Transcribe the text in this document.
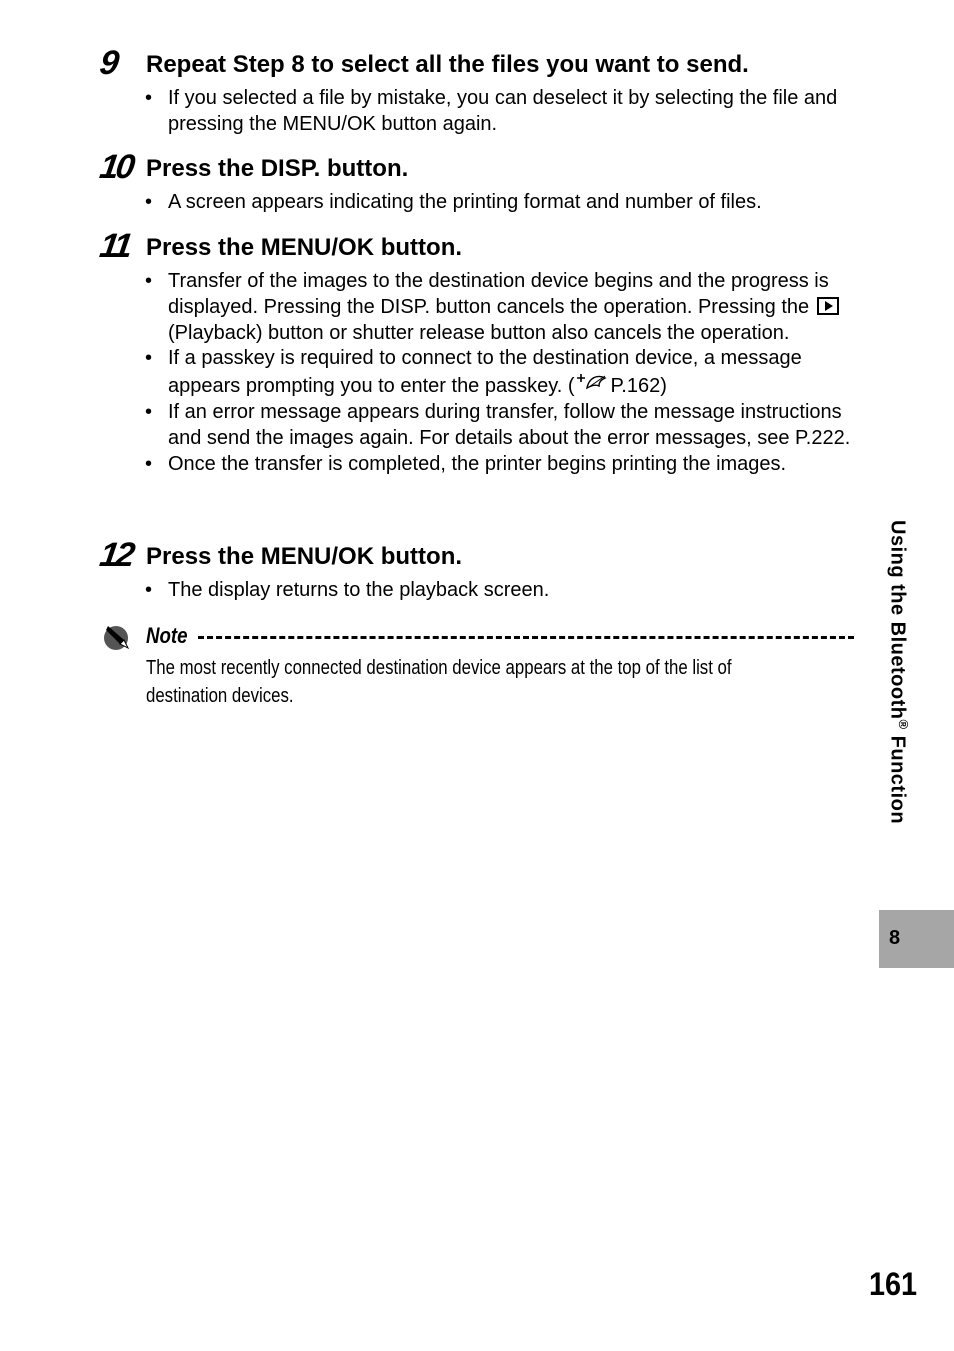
9 Repeat Step 8 to select all the files you want to send.
• If you selected a file by mistake, you can deselect it by selecting the file and pressing the MENU/OK button again.
10 Press the DISP. button.
• A screen appears indicating the printing format and number of files.
11 Press the MENU/OK button.
• Transfer of the images to the destination device begins and the progress is displayed. Pressing the DISP. button cancels the operation. Pressing the  (Playback) button or shutter release button also cancels the operation.
• If a passkey is required to connect to the destination device, a message appears prompting you to enter the passkey. ( P.162)
• If an error message appears during transfer, follow the message instructions and send the images again. For details about the error messages, see P.222.
• Once the transfer is completed, the printer begins printing the images.
12 Press the MENU/OK button.
• The display returns to the playback screen.
Note
The most recently connected destination device appears at the top of the list of destination devices.	Using the Bluetooth® Function
8
161
